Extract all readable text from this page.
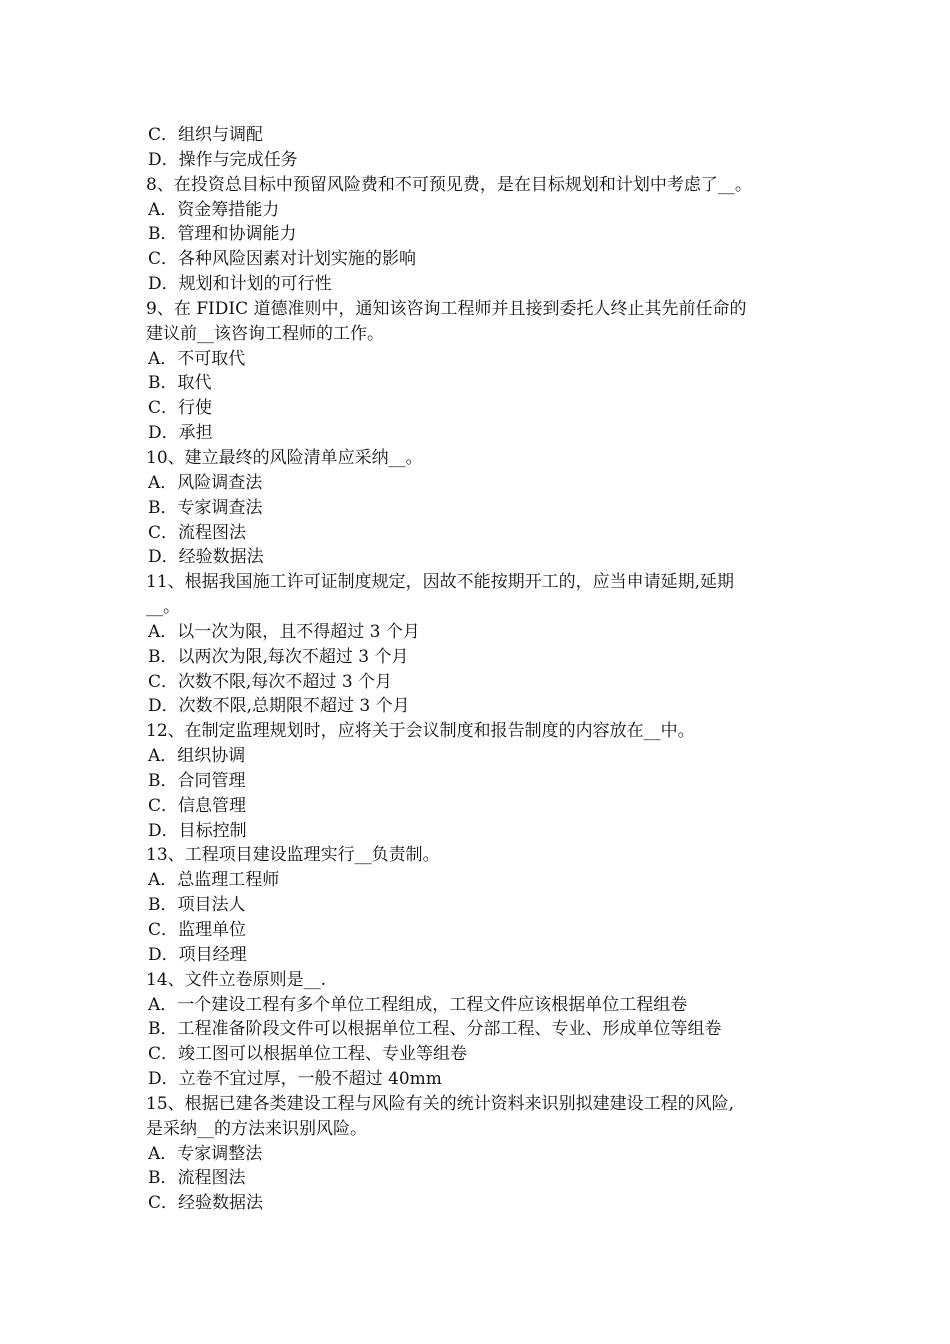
C．组织与调配
D．操作与完成任务
8、在投资总目标中预留风险费和不可预见费，是在目标规划和计划中考虑了__。
A．资金筹措能力
B．管理和协调能力
C．各种风险因素对计划实施的影响
D．规划和计划的可行性
9、在 FIDIC 道德准则中，通知该咨询工程师并且接到委托人终止其先前任命的
建议前__该咨询工程师的工作。
A．不可取代
B．取代
C．行使
D．承担
10、建立最终的风险清单应采纳__。
A．风险调查法
B．专家调查法
C．流程图法
D．经验数据法
11、根据我国施工许可证制度规定，因故不能按期开工的，应当申请延期,延期
__。
A．以一次为限，且不得超过 3 个月
B．以两次为限,每次不超过 3 个月
C．次数不限,每次不超过 3 个月
D．次数不限,总期限不超过 3 个月
12、在制定监理规划时，应将关于会议制度和报告制度的内容放在__中。
A．组织协调
B．合同管理
C．信息管理
D．目标控制
13、工程项目建设监理实行__负责制。
A．总监理工程师
B．项目法人
C．监理单位
D．项目经理
14、文件立卷原则是__.
A．一个建设工程有多个单位工程组成，工程文件应该根据单位工程组卷
B．工程准备阶段文件可以根据单位工程、分部工程、专业、形成单位等组卷
C．竣工图可以根据单位工程、专业等组卷
D．立卷不宜过厚，一般不超过 40mm
15、根据已建各类建设工程与风险有关的统计资料来识别拟建建设工程的风险,
是采纳__的方法来识别风险。
A．专家调整法
B．流程图法
C．经验数据法
